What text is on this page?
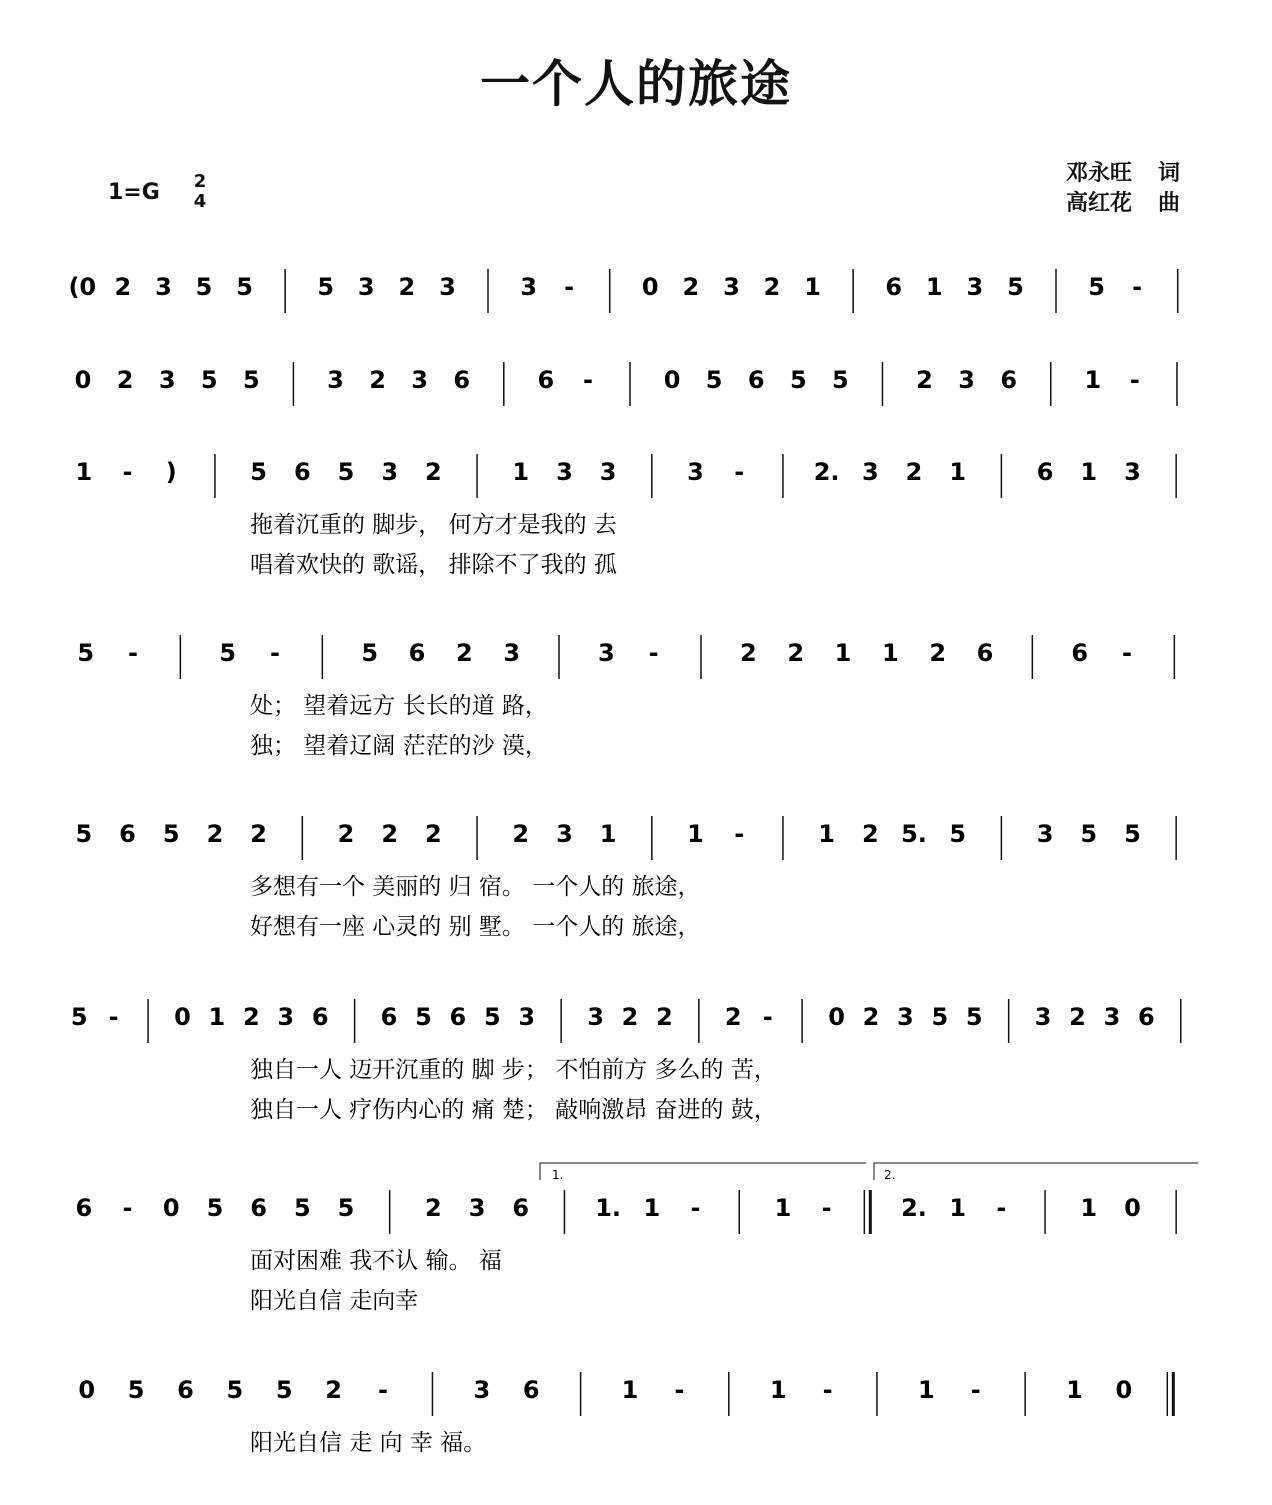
一个人的旅途
1=G 2
4
邓永旺 词
高红花 曲
(0 2 3 5 5	5 3 2 3	3 -	0 2 3 2 1	6 1 3 5	5 -
0 2 3 5 5	3 2 3 6	6 -	0 5 6 5 5	2 3 6	1 -
1 - )	5 6 5 3 2	1 3 3	3 -	2. 3 2 1	6 1 3
拖着沉重的 脚步， 何方才是我的 去
唱着欢快的 歌谣， 排除不了我的 孤
5 -	5 -	5 6 2 3	3 -	2 2 1 1 2 6	6 -
处； 望着远方 长长的道 路，
独； 望着辽阔 茫茫的沙 漠，
5 6 5 2 2	2 2 2	2 3 1	1 -	1 2 5. 5	3 5 5
多想有一个 美丽的 归 宿。 一个人的 旅途，
好想有一座 心灵的 别 墅。 一个人的 旅途，
5 - 0 1 2 3 6 6 5 6 5 3 3 2 2 2 - 0 2 3 5 5 3 2 3 6
独自一人 迈开沉重的 脚 步； 不怕前方 多么的 苦，
独自一人 疗伤内心的 痛 楚； 敲响激昂 奋进的 鼓，
6 - 0 5 6 5 5	2 3 6	1. 1 -	1 -	2. 1 -	1 0
面对困难 我不认 输。 福
阳光自信 走向幸
0 5 6 5 5 2 -	3 6	1 -	1 -	1 -	1 0
阳光自信 走 向 幸 福。
1.	2.
